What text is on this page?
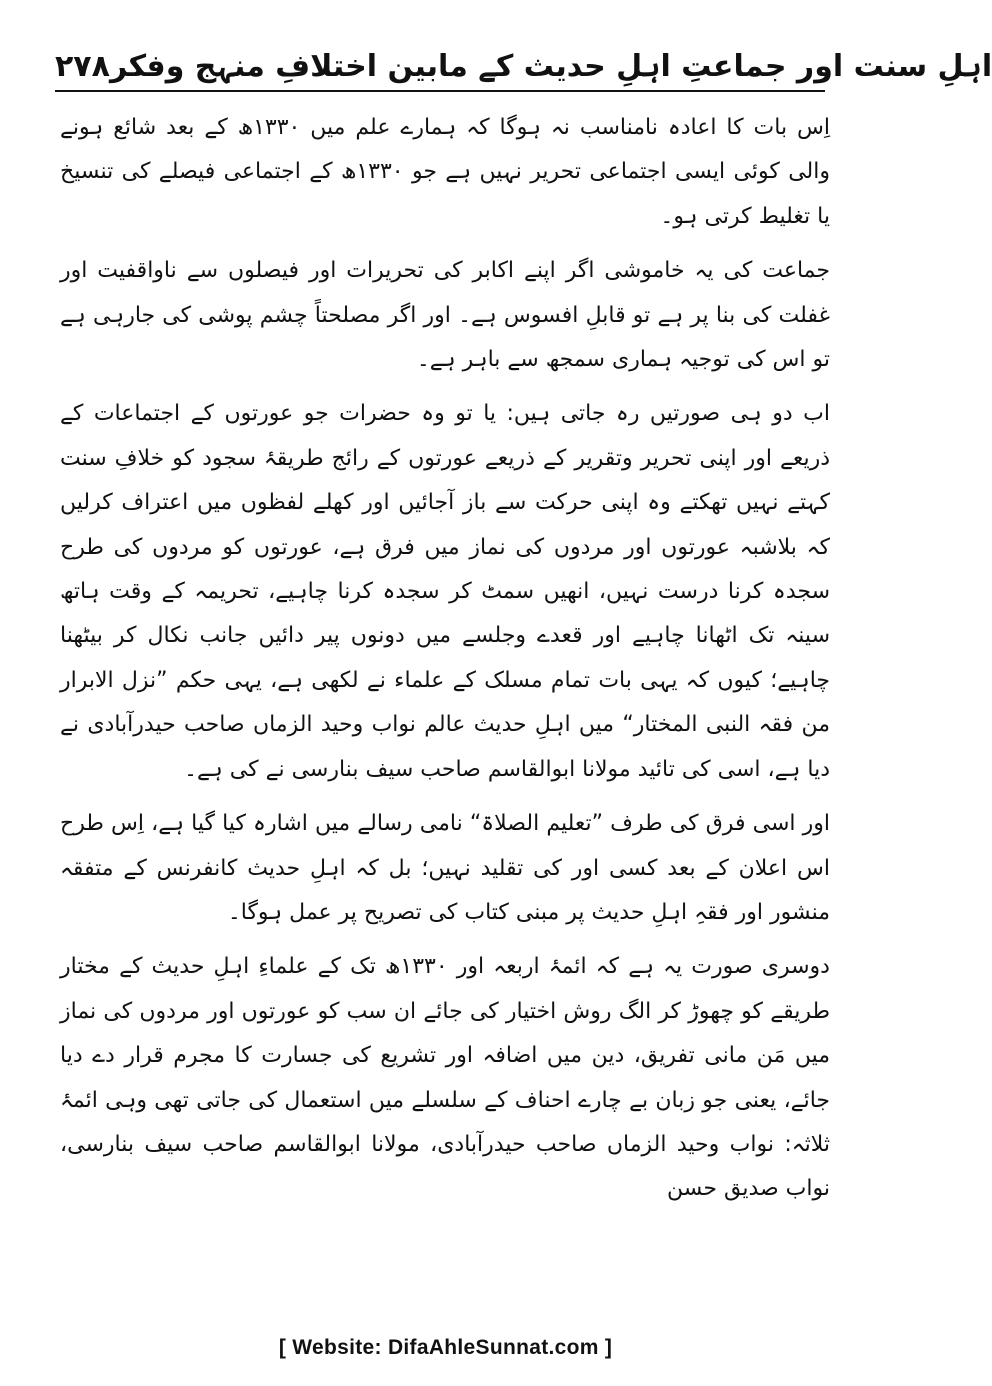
۲۷۸ اہلِ سنت اور جماعتِ اہلِ حدیث کے مابین اختلافِ منہج وفکر

اِس بات کا اعادہ نامناسب نہ ہوگا کہ ہمارے علم میں ۱۳۳۰ھ کے بعد شائع ہونے والی کوئی ایسی اجتماعی تحریر نہیں ہے جو ۱۳۳۰ھ کے اجتماعی فیصلے کی تنسیخ یا تغلیط کرتی ہو۔

جماعت کی یہ خاموشی اگر اپنے اکابر کی تحریرات اور فیصلوں سے ناواقفیت اور غفلت کی بنا پر ہے تو قابلِ افسوس ہے۔ اور اگر مصلحتاً چشم پوشی کی جارہی ہے تو اس کی توجیہ ہماری سمجھ سے باہر ہے۔

اب دو ہی صورتیں رہ جاتی ہیں: یا تو وہ حضرات جو عورتوں کے اجتماعات کے ذریعے اور اپنی تحریر وتقریر کے ذریعے عورتوں کے رائج طریقۂ سجود کو خلافِ سنت کہتے نہیں تھکتے وہ اپنی حرکت سے باز آجائیں اور کھلے لفظوں میں اعتراف کرلیں کہ بلاشبہ عورتوں اور مردوں کی نماز میں فرق ہے، عورتوں کو مردوں کی طرح سجدہ کرنا درست نہیں، انھیں سمٹ کر سجدہ کرنا چاہیے، تحریمہ کے وقت ہاتھ سینہ تک اٹھانا چاہیے اور قعدے وجلسے میں دونوں پیر دائیں جانب نکال کر بیٹھنا چاہیے؛ کیوں کہ یہی بات تمام مسلک کے علماء نے لکھی ہے، یہی حکم ”نزل الابرار من فقہ النبی المختار“ میں اہلِ حدیث عالم نواب وحید الزماں صاحب حیدرآبادی نے دیا ہے، اسی کی تائید مولانا ابوالقاسم صاحب سیف بنارسی نے کی ہے۔

اور اسی فرق کی طرف ”تعلیم الصلاۃ“ نامی رسالے میں اشارہ کیا گیا ہے، اِس طرح اس اعلان کے بعد کسی اور کی تقلید نہیں؛ بل کہ اہلِ حدیث کانفرنس کے متفقہ منشور اور فقہِ اہلِ حدیث پر مبنی کتاب کی تصریح پر عمل ہوگا۔

دوسری صورت یہ ہے کہ ائمۂ اربعہ اور ۱۳۳۰ھ تک کے علماءِ اہلِ حدیث کے مختار طریقے کو چھوڑ کر الگ روش اختیار کی جائے ان سب کو عورتوں اور مردوں کی نماز میں مَن مانی تفریق، دین میں اضافہ اور تشریع کی جسارت کا مجرم قرار دے دیا جائے، یعنی جو زبان بے چارے احناف کے سلسلے میں استعمال کی جاتی تھی وہی ائمۂ ثلاثہ: نواب وحید الزماں صاحب حیدرآبادی، مولانا ابوالقاسم صاحب سیف بنارسی، نواب صدیق حسن

[ Website: DifaAhleSunnat.com ]
